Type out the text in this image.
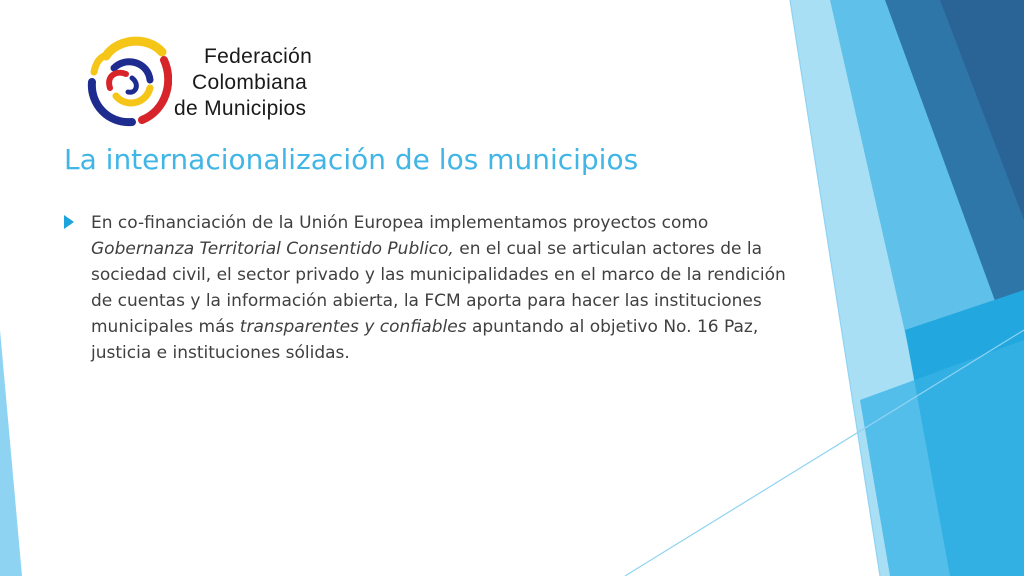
Federación
Colombiana
de Municipios
La internacionalización de los municipios

En co-financiación de la Unión Europea implementamos proyectos como Gobernanza Territorial Consentido Publico, en el cual se articulan actores de la sociedad civil, el sector privado y las municipalidades en el marco de la rendición de cuentas y la información abierta, la FCM aporta para hacer las instituciones municipales más transparentes y confiables apuntando al objetivo No. 16 Paz, justicia e instituciones sólidas.
